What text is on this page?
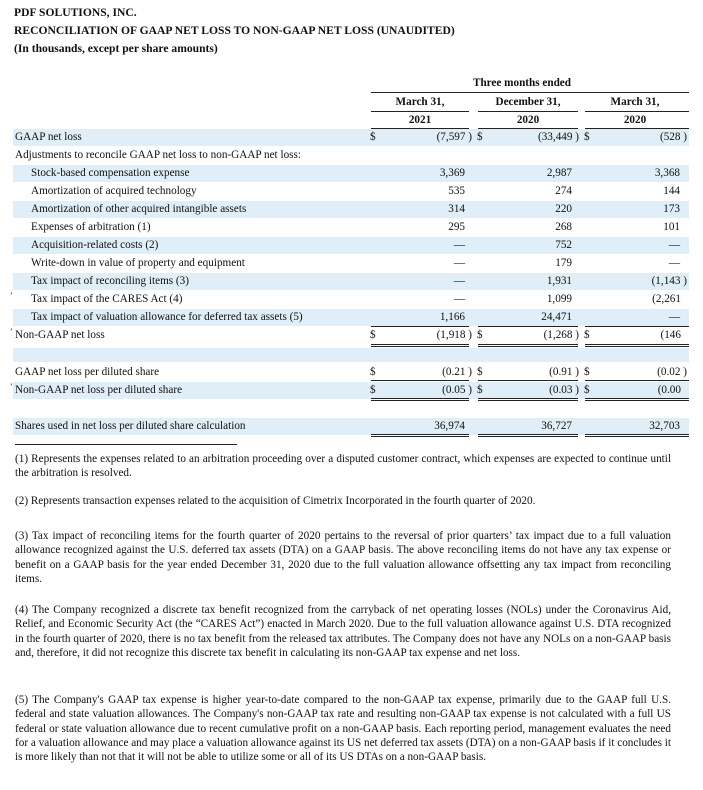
PDF SOLUTIONS, INC.
RECONCILIATION OF GAAP NET LOSS TO NON-GAAP NET LOSS (UNAUDITED)
(In thousands, except per share amounts)
Three months ended
March 31,	December 31,	March 31,
2021	2020	2020
GAAP net loss	$	(7,597 ) $	(33,449 ) $	(528 )
Adjustments to reconcile GAAP net loss to non-GAAP net loss:
Stock-based compensation expense	3,369	2,987	3,368
Amortization of acquired technology	535	274	144
Amortization of other acquired intangible assets	314	220	173
Expenses of arbitration (1)	295	268	101
Acquisition-related costs (2)	—	752	—
Write-down in value of property and equipment	—	179	—
Tax impact of reconciling items (3)	—	1,931	(1,143 )
Tax impact of the CARES Act (4)	—	1,099	(2,261
’
Tax impact of valuation allowance for deferred tax assets (5)	1,166	24,471	—
Non-GAAP net loss	$	(1,918 ) $	(1,268 ) $	(146
’
GAAP net loss per diluted share	$	(0.21 ) $	(0.91 ) $	(0.02 )
Non-GAAP net loss per diluted share	$	(0.05 ) $	(0.03 ) $	(0.00
’
Shares used in net loss per diluted share calculation	36,974	36,727	32,703
(1) Represents the expenses related to an arbitration proceeding over a disputed customer contract, which expenses are expected to continue until the arbitration is resolved.
(2) Represents transaction expenses related to the acquisition of Cimetrix Incorporated in the fourth quarter of 2020.
(3) Tax impact of reconciling items for the fourth quarter of 2020 pertains to the reversal of prior quarters’ tax impact due to a full valuation allowance recognized against the U.S. deferred tax assets (DTA) on a GAAP basis. The above reconciling items do not have any tax expense or benefit on a GAAP basis for the year ended December 31, 2020 due to the full valuation allowance offsetting any tax impact from reconciling items.
(4) The Company recognized a discrete tax benefit recognized from the carryback of net operating losses (NOLs) under the Coronavirus Aid, Relief, and Economic Security Act (the “CARES Act”) enacted in March 2020. Due to the full valuation allowance against U.S. DTA recognized in the fourth quarter of 2020, there is no tax benefit from the released tax attributes. The Company does not have any NOLs on a non-GAAP basis and, therefore, it did not recognize this discrete tax benefit in calculating its non-GAAP tax expense and net loss.
(5) The Company's GAAP tax expense is higher year-to-date compared to the non-GAAP tax expense, primarily due to the GAAP full U.S. federal and state valuation allowances. The Company's non-GAAP tax rate and resulting non-GAAP tax expense is not calculated with a full US federal or state valuation allowance due to recent cumulative profit on a non-GAAP basis. Each reporting period, management evaluates the need for a valuation allowance and may place a valuation allowance against its US net deferred tax assets (DTA) on a non-GAAP basis if it concludes it is more likely than not that it will not be able to utilize some or all of its US DTAs on a non-GAAP basis.
